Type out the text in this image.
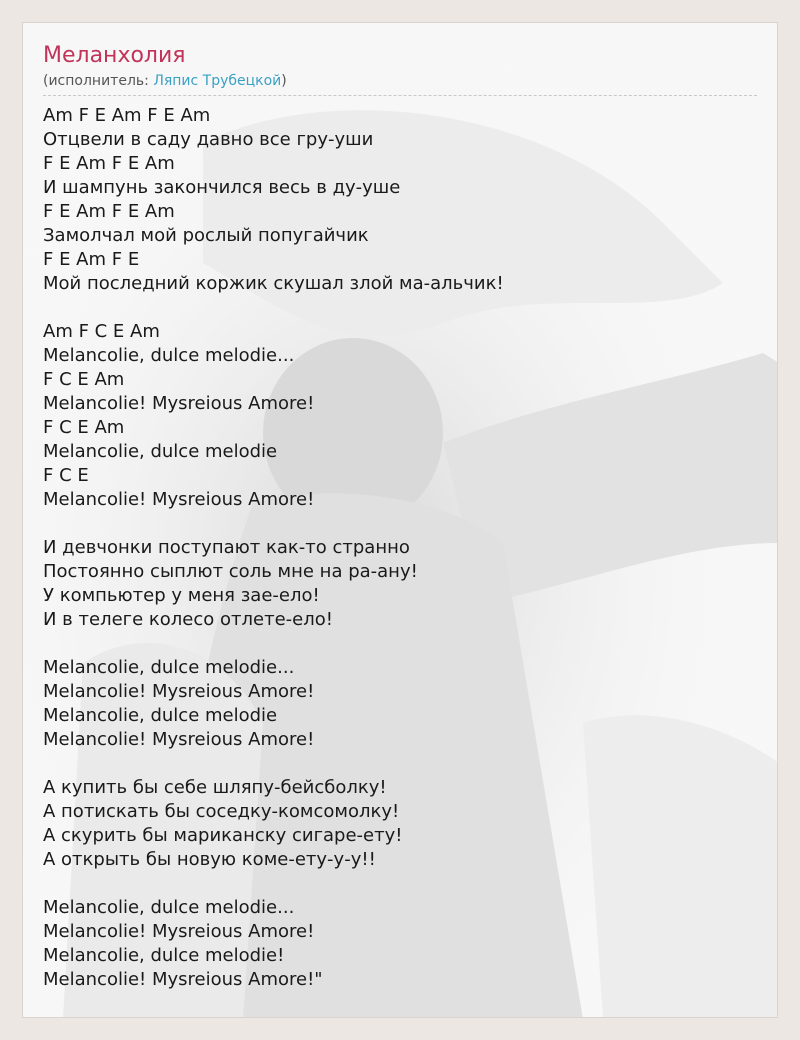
Меланхолия
(исполнитель: Ляпис Трубецкой)
Am F E Am F E Am
Отцвели в саду давно все гру-уши
F E Am F E Am
И шампунь закончился весь в ду-уше
F E Am F E Am
Замолчал мой рослый попугайчик
F E Am F E
Мой последний коржик скушал злой ма-альчик!
Am F C E Am
Melancolie, dulce melodie...
F C E Am
Melancolie! Mysreious Amore!
F C E Am
Melancolie, dulce melodie
F C E
Melancolie! Mysreious Amore!
И девчонки поступают как-то странно
Постоянно сыплют соль мне на ра-ану!
У компьютер у меня зае-ело!
И в телеге колесо отлете-ело!
Melancolie, dulce melodie...
Melancolie! Mysreious Amore!
Melancolie, dulce melodie
Melancolie! Mysreious Amore!
А купить бы себе шляпу-бейсболку!
А потискать бы соседку-комсомолку!
А скурить бы мариканску сигаре-ету!
А открыть бы новую коме-ету-у-у!!
Melancolie, dulce melodie...
Melancolie! Mysreious Amore!
Melancolie, dulce melodie!
Melancolie! Mysreious Amore!"
